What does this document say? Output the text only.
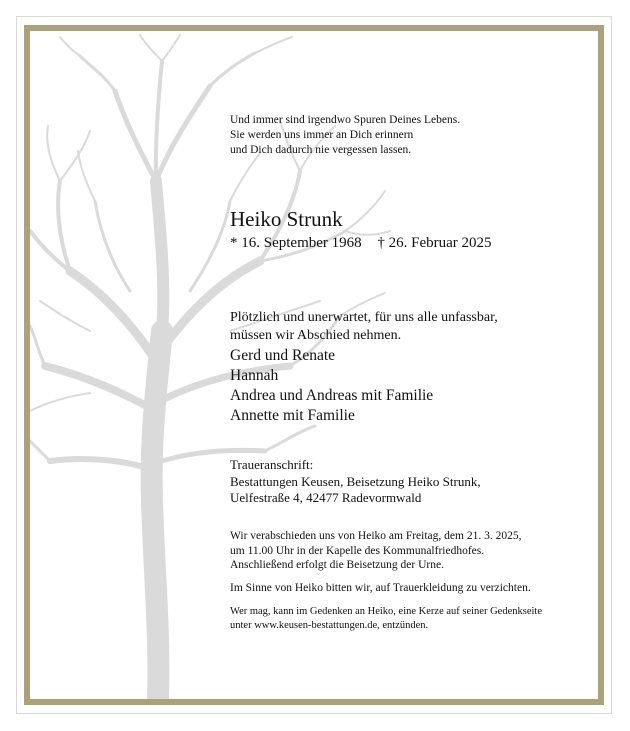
Und immer sind irgendwo Spuren Deines Lebens.
Sie werden uns immer an Dich erinnern
und Dich dadurch nie vergessen lassen.
Heiko Strunk
* 16. September 1968 † 26. Februar 2025
Plötzlich und unerwartet, für uns alle unfassbar,
müssen wir Abschied nehmen.
Gerd und Renate
Hannah
Andrea und Andreas mit Familie
Annette mit Familie
Traueranschrift:
Bestattungen Keusen, Beisetzung Heiko Strunk,
Uelfestraße 4, 42477 Radevormwald
Wir verabschieden uns von Heiko am Freitag, dem 21. 3. 2025,
um 11.00 Uhr in der Kapelle des Kommunalfriedhofes.
Anschließend erfolgt die Beisetzung der Urne.
Im Sinne von Heiko bitten wir, auf Trauerkleidung zu verzichten.
Wer mag, kann im Gedenken an Heiko, eine Kerze auf seiner Gedenkseite
unter www.keusen-bestattungen.de, entzünden.
